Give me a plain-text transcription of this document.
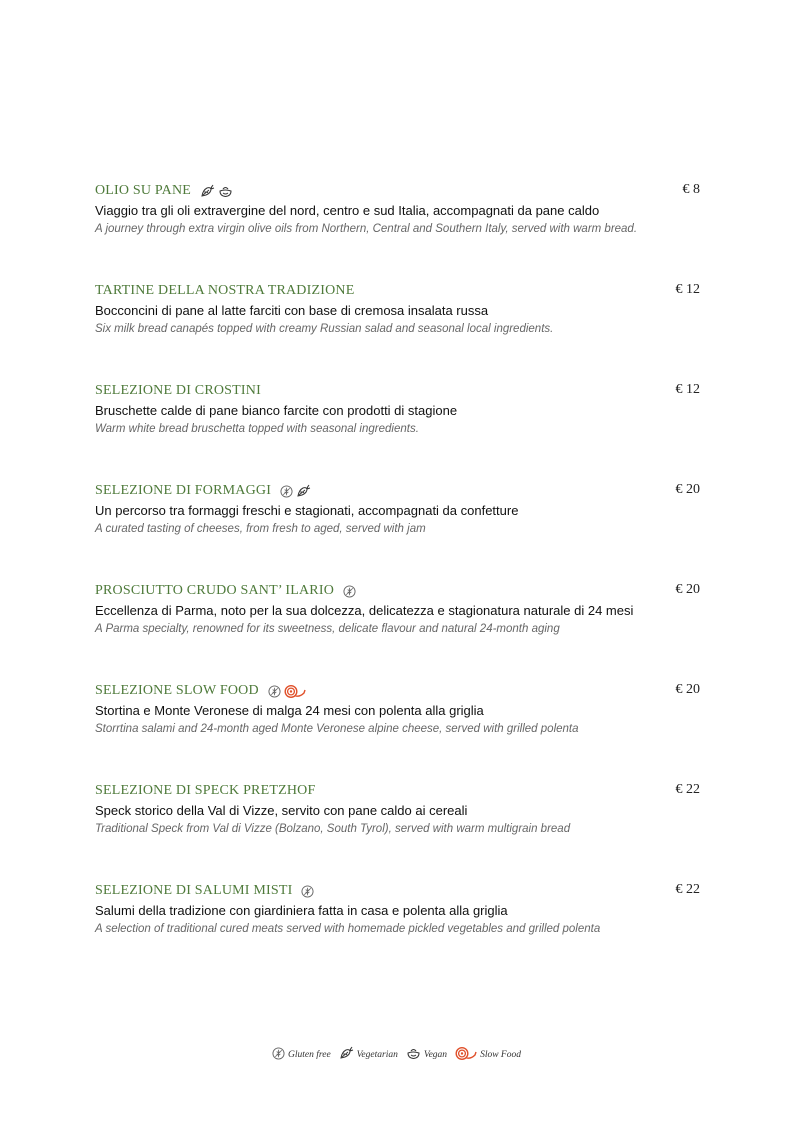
OLIO SU PANE	€ 8
Viaggio tra gli oli extravergine del nord, centro e sud Italia, accompagnati da pane caldo
A journey through extra virgin olive oils from Northern, Central and Southern Italy, served with warm bread.
TARTINE DELLA NOSTRA TRADIZIONE	€ 12
Bocconcini di pane al latte farciti con base di cremosa insalata russa
Six milk bread canapés topped with creamy Russian salad and seasonal local ingredients.
SELEZIONE DI CROSTINI	€ 12
Bruschette calde di pane bianco farcite con prodotti di stagione
Warm white bread bruschetta topped with seasonal ingredients.
SELEZIONE DI FORMAGGI	€ 20
Un percorso tra formaggi freschi e stagionati, accompagnati da confetture
A curated tasting of cheeses, from fresh to aged, served with jam
PROSCIUTTO CRUDO SANT’ ILARIO	€ 20
Eccellenza di Parma, noto per la sua dolcezza, delicatezza e stagionatura naturale di 24 mesi
A Parma specialty, renowned for its sweetness, delicate flavour and natural 24-month aging
SELEZIONE SLOW FOOD	€ 20
Stortina e Monte Veronese di malga 24 mesi con polenta alla griglia
Storrtina salami and 24-month aged Monte Veronese alpine cheese, served with grilled polenta
SELEZIONE DI SPECK PRETZHOF	€ 22
Speck storico della Val di Vizze, servito con pane caldo ai cereali
Traditional Speck from Val di Vizze (Bolzano, South Tyrol), served with warm multigrain bread
SELEZIONE DI SALUMI MISTI	€ 22
Salumi della tradizione con giardiniera fatta in casa e polenta alla griglia
A selection of traditional cured meats served with homemade pickled vegetables and grilled polenta
Gluten free	Vegetarian	Vegan	Slow Food
